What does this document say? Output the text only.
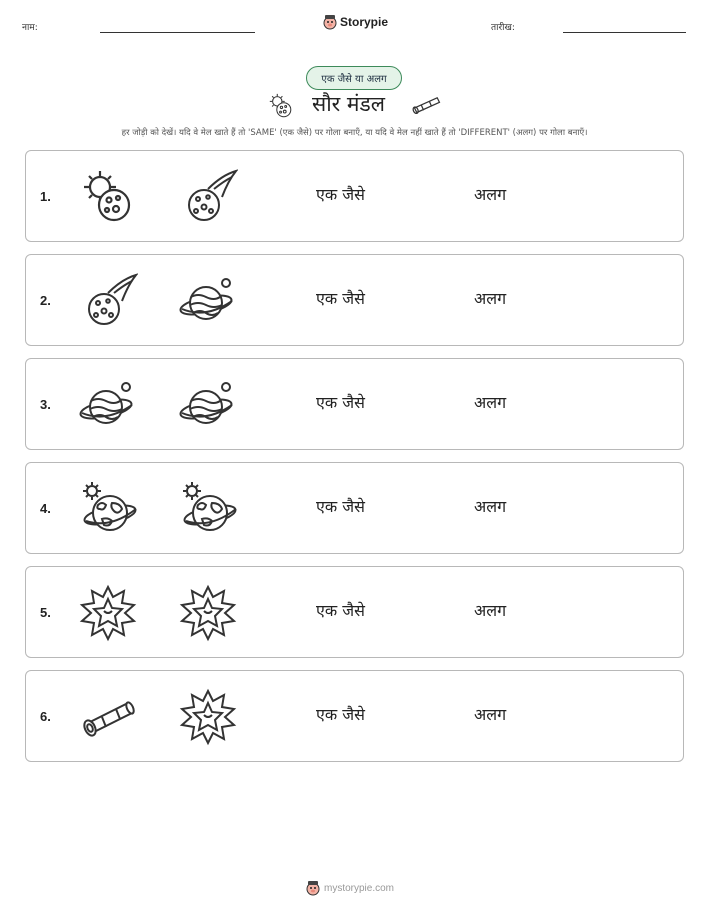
नाम:	Storypie	तारीख:
एक जैसे या अलग
सौर मंडल

हर जोड़ी को देखें। यदि वे मेल खाते हैं तो 'SAME' (एक जैसे) पर गोला बनाएँ, या यदि वे मेल नहीं खाते हैं तो 'DIFFERENT' (अलग) पर गोला बनाएँ।

1.	एक जैसे	अलग
2.	एक जैसे	अलग
3.	एक जैसे	अलग
4.	एक जैसे	अलग
5.	एक जैसे	अलग
6.	एक जैसे	अलग
mystorypie.com
